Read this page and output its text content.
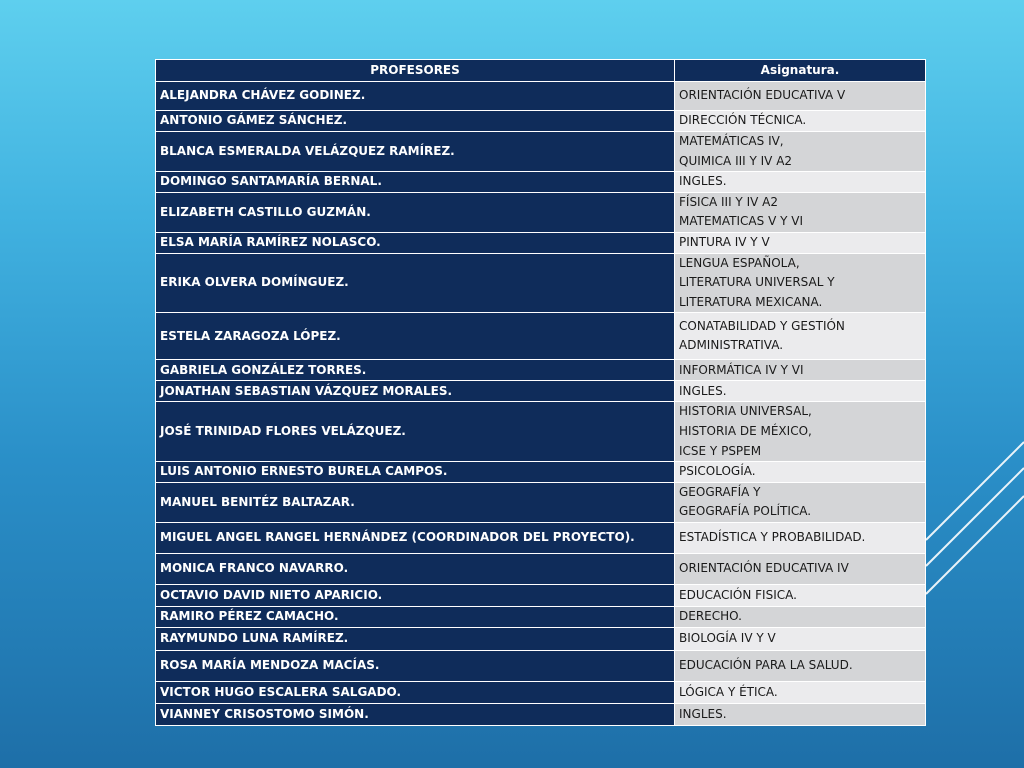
PROFESORES	Asignatura.
ALEJANDRA CHÁVEZ GODINEZ.	ORIENTACIÓN EDUCATIVA V

ANTONIO GÁMEZ SÁNCHEZ.	DIRECCIÓN TÉCNICA.

BLANCA ESMERALDA VELÁZQUEZ RAMÍREZ.	MATEMÁTICAS IV,
QUIMICA III Y IV A2

DOMINGO SANTAMARÍA BERNAL.	INGLES.

ELIZABETH CASTILLO GUZMÁN.	FÍSICA III Y IV A2
MATEMATICAS V Y VI

ELSA MARÍA RAMÍREZ NOLASCO.	PINTURA IV Y V

ERIKA OLVERA DOMÍNGUEZ.	LENGUA ESPAÑOLA,
LITERATURA UNIVERSAL Y
LITERATURA MEXICANA.

ESTELA ZARAGOZA LÓPEZ.	CONATABILIDAD Y GESTIÓN
ADMINISTRATIVA.

GABRIELA GONZÁLEZ TORRES.	INFORMÁTICA IV Y VI

JONATHAN SEBASTIAN VÁZQUEZ MORALES.	INGLES.

JOSÉ TRINIDAD FLORES VELÁZQUEZ.	HISTORIA UNIVERSAL,
HISTORIA DE MÉXICO,
ICSE Y PSPEM

LUIS ANTONIO ERNESTO BURELA CAMPOS.	PSICOLOGÍA.

MANUEL BENITÉZ BALTAZAR.	GEOGRAFÍA Y
GEOGRAFÍA POLÍTICA.

MIGUEL ANGEL RANGEL HERNÁNDEZ (COORDINADOR DEL PROYECTO).	ESTADÍSTICA Y PROBABILIDAD.

MONICA FRANCO NAVARRO.	ORIENTACIÓN EDUCATIVA IV

OCTAVIO DAVID NIETO APARICIO.	EDUCACIÓN FISICA.

RAMIRO PÉREZ CAMACHO.	DERECHO.

RAYMUNDO LUNA RAMÍREZ.	BIOLOGÍA IV Y V

ROSA MARÍA MENDOZA MACÍAS.	EDUCACIÓN PARA LA SALUD.

VICTOR HUGO ESCALERA SALGADO.	LÓGICA Y ÉTICA.

VIANNEY CRISOSTOMO SIMÓN.	INGLES.
